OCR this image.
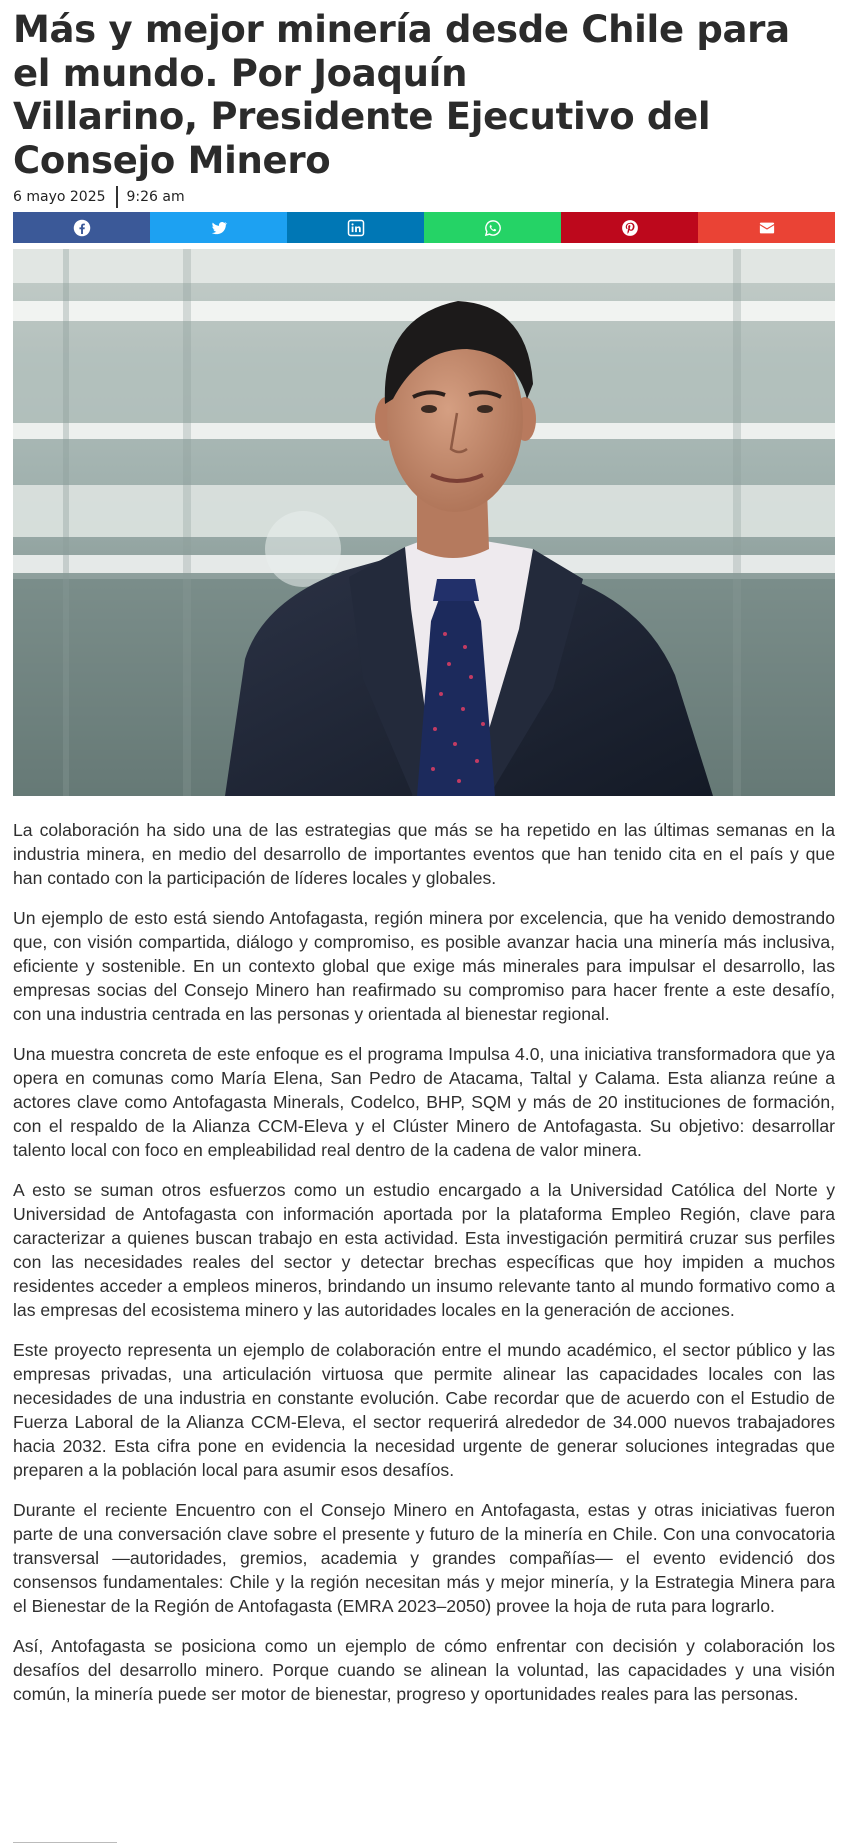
Más y mejor minería desde Chile para
el mundo. Por Joaquín
Villarino, Presidente Ejecutivo del
Consejo Minero
6 mayo 2025 9:26 am

La colaboración ha sido una de las estrategias que más se ha repetido en las últimas semanas en la industria minera, en medio del desarrollo de importantes eventos que han tenido cita en el país y que han contado con la participación de líderes locales y globales.

Un ejemplo de esto está siendo Antofagasta, región minera por excelencia, que ha venido demostrando que, con visión compartida, diálogo y compromiso, es posible avanzar hacia una minería más inclusiva, eficiente y sostenible. En un contexto global que exige más minerales para impulsar el desarrollo, las empresas socias del Consejo Minero han reafirmado su compromiso para hacer frente a este desafío, con una industria centrada en las personas y orientada al bienestar regional.

Una muestra concreta de este enfoque es el programa Impulsa 4.0, una iniciativa transformadora que ya opera en comunas como María Elena, San Pedro de Atacama, Taltal y Calama. Esta alianza reúne a actores clave como Antofagasta Minerals, Codelco, BHP, SQM y más de 20 instituciones de formación, con el respaldo de la Alianza CCM-Eleva y el Clúster Minero de Antofagasta. Su objetivo: desarrollar talento local con foco en empleabilidad real dentro de la cadena de valor minera.

A esto se suman otros esfuerzos como un estudio encargado a la Universidad Católica del Norte y Universidad de Antofagasta con información aportada por la plataforma Empleo Región, clave para caracterizar a quienes buscan trabajo en esta actividad. Esta investigación permitirá cruzar sus perfiles con las necesidades reales del sector y detectar brechas específicas que hoy impiden a muchos residentes acceder a empleos mineros, brindando un insumo relevante tanto al mundo formativo como a las empresas del ecosistema minero y las autoridades locales en la generación de acciones.

Este proyecto representa un ejemplo de colaboración entre el mundo académico, el sector público y las empresas privadas, una articulación virtuosa que permite alinear las capacidades locales con las necesidades de una industria en constante evolución. Cabe recordar que de acuerdo con el Estudio de Fuerza Laboral de la Alianza CCM-Eleva, el sector requerirá alrededor de 34.000 nuevos trabajadores hacia 2032. Esta cifra pone en evidencia la necesidad urgente de generar soluciones integradas que preparen a la población local para asumir esos desafíos.

Durante el reciente Encuentro con el Consejo Minero en Antofagasta, estas y otras iniciativas fueron parte de una conversación clave sobre el presente y futuro de la minería en Chile. Con una convocatoria transversal —autoridades, gremios, academia y grandes compañías— el evento evidenció dos consensos fundamentales: Chile y la región necesitan más y mejor minería, y la Estrategia Minera para el Bienestar de la Región de Antofagasta (EMRA 2023–2050) provee la hoja de ruta para lograrlo.

Así, Antofagasta se posiciona como un ejemplo de cómo enfrentar con decisión y colaboración los desafíos del desarrollo minero. Porque cuando se alinean la voluntad, las capacidades y una visión común, la minería puede ser motor de bienestar, progreso y oportunidades reales para las personas.
